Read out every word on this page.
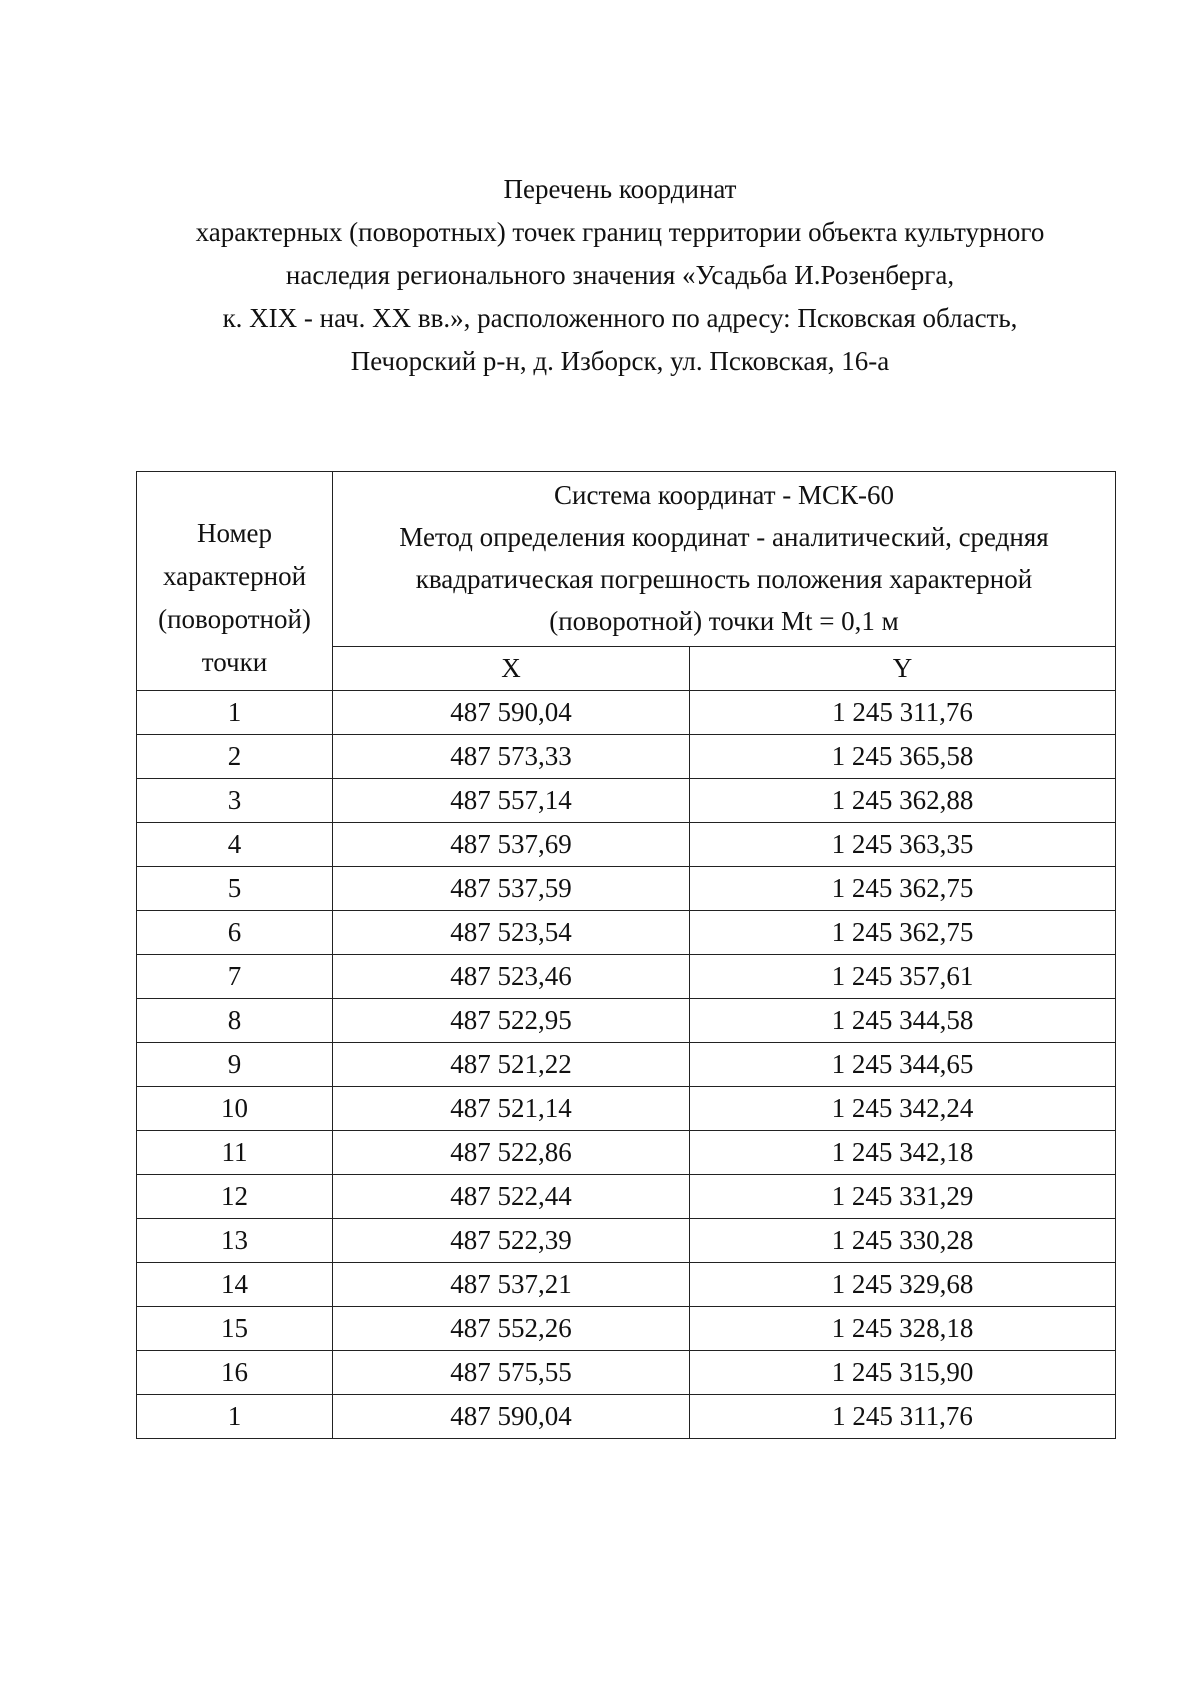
Перечень координат
характерных (поворотных) точек границ территории объекта культурного
наследия регионального значения «Усадьба И.Розенберга,
к. XIX - нач. XX вв.», расположенного по адресу: Псковская область,
Печорский р-н, д. Изборск, ул. Псковская, 16-а
Номер
характерной
(поворотной)
точки	Система координат - МСК-60
Метод определения координат - аналитический, средняя
квадратическая погрешность положения характерной
(поворотной) точки Mt = 0,1 м	

	X	Y
1	487 590,04	1 245 311,76
2	487 573,33	1 245 365,58
3	487 557,14	1 245 362,88
4	487 537,69	1 245 363,35
5	487 537,59	1 245 362,75
6	487 523,54	1 245 362,75
7	487 523,46	1 245 357,61
8	487 522,95	1 245 344,58
9	487 521,22	1 245 344,65
10	487 521,14	1 245 342,24
11	487 522,86	1 245 342,18
12	487 522,44	1 245 331,29
13	487 522,39	1 245 330,28
14	487 537,21	1 245 329,68
15	487 552,26	1 245 328,18
16	487 575,55	1 245 315,90
1	487 590,04	1 245 311,76
